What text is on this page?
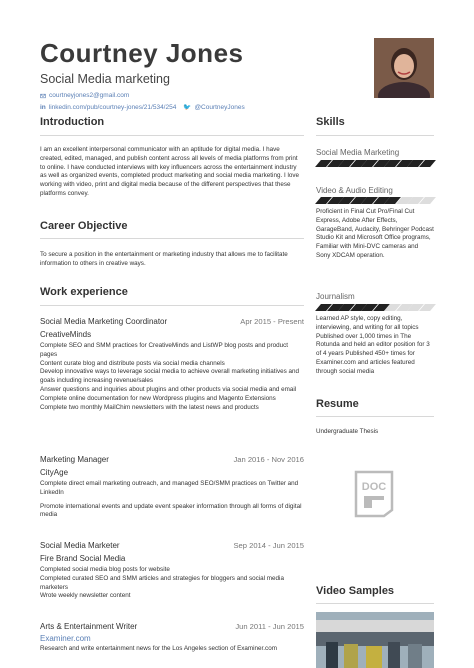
Courtney Jones
Social Media marketing
courtneyjones2@gmail.com
in linkedin.com/pub/courtney-jones/21/534/254 🐦 @CourtneyJones
Introduction
I am an excellent interpersonal communicator with an aptitude for digital media. I have created, edited, managed, and publish content across all levels of media platforms from print to online. I have conducted interviews with key influencers across the entertainment industry as well as organized events, completed product marketing and social media marketing. I love working with video, print and digital media because of the different perspectives that these platforms convey.
Career Objective
To secure a position in the entertainment or marketing industry that allows me to facilitate information to others in creative ways.
Work experience
Social Media Marketing Coordinator	Apr 2015 - Present
CreativeMinds
Complete SEO and SMM practices for CreativeMinds and ListWP blog posts and product pages
Content curate blog and distribute posts via social media channels
Develop innovative ways to leverage social media to achieve overall marketing initiatives and goals including increasing revenue/sales
Answer questions and inquiries about plugins and other products via social media and email
Complete online documentation for new Wordpress plugins and Magento Extensions Complete two monthly MailChim newsletters with the latest news and products
Marketing Manager	Jan 2016 - Nov 2016
CityAge
Complete direct email marketing outreach, and managed SEO/SMM practices on Twitter and LinkedIn
Promote international events and update event speaker information through all forms of digital media
Social Media Marketer	Sep 2014 - Jun 2015
Fire Brand Social Media
Completed social media blog posts for website
Completed curated SEO and SMM articles and strategies for bloggers and social media marketers
Wrote weekly newsletter content
Arts & Entertainment Writer	Jun 2011 - Jun 2015
Examiner.com
Research and write entertainment news for the Los Angeles section of Examiner.com
Skills
Social Media Marketing
Video & Audio Editing
Proficient in Final Cut Pro/Final Cut Express, Adobe After Effects, GarageBand, Audacity, Behringer Podcast Studio Kit and Microsoft Office programs, Familiar with Mini-DVC cameras and Sony XDCAM operation.
Journalism
Learned AP style, copy editing, interviewing, and writing for all topics Published over 1,000 times in The Rotunda and held an editor position for 3 of 4 years Published 450+ times for Examiner.com and articles featured through social media
Resume
Undergraduate Thesis
DOC
Video Samples
